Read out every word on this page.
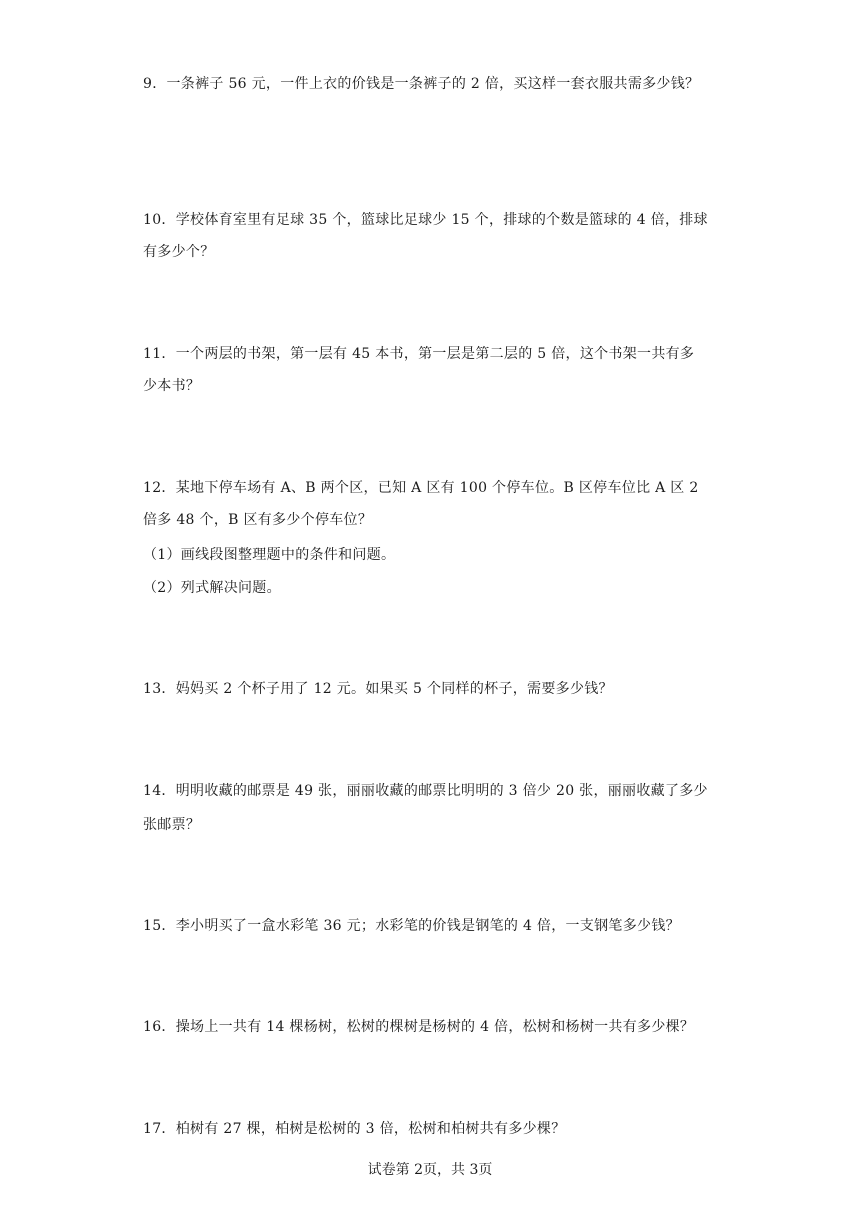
9．一条裤子 56 元，一件上衣的价钱是一条裤子的 2 倍，买这样一套衣服共需多少钱？
10．学校体育室里有足球 35 个，篮球比足球少 15 个，排球的个数是篮球的 4 倍，排球
有多少个？
11．一个两层的书架，第一层有 45 本书，第一层是第二层的 5 倍，这个书架一共有多
少本书？
12．某地下停车场有 A、B 两个区，已知 A 区有 100 个停车位。B 区停车位比 A 区 2
倍多 48 个，B 区有多少个停车位？
（1）画线段图整理题中的条件和问题。
（2）列式解决问题。
13．妈妈买 2 个杯子用了 12 元。如果买 5 个同样的杯子，需要多少钱？
14．明明收藏的邮票是 49 张，丽丽收藏的邮票比明明的 3 倍少 20 张，丽丽收藏了多少
张邮票？
15．李小明买了一盒水彩笔 36 元；水彩笔的价钱是钢笔的 4 倍，一支钢笔多少钱？
16．操场上一共有 14 棵杨树，松树的棵树是杨树的 4 倍，松树和杨树一共有多少棵？
17．柏树有 27 棵，柏树是松树的 3 倍，松树和柏树共有多少棵？
试卷第 2页，共 3页
